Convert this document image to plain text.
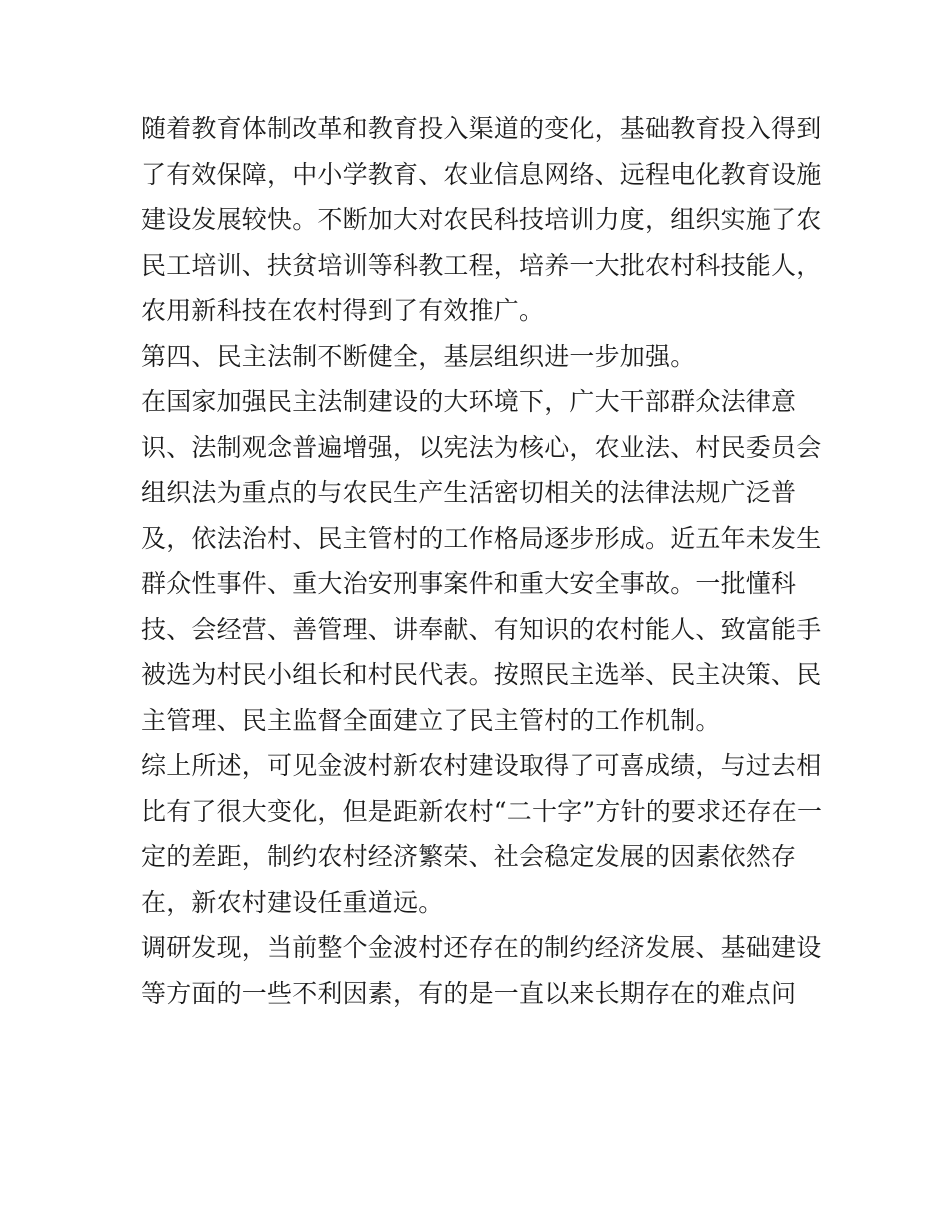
随着教育体制改革和教育投入渠道的变化，基础教育投入得到
了有效保障，中小学教育、农业信息网络、远程电化教育设施
建设发展较快。不断加大对农民科技培训力度，组织实施了农
民工培训、扶贫培训等科教工程，培养一大批农村科技能人，
农用新科技在农村得到了有效推广。
第四、民主法制不断健全，基层组织进一步加强。
在国家加强民主法制建设的大环境下，广大干部群众法律意
识、法制观念普遍增强，以宪法为核心，农业法、村民委员会
组织法为重点的与农民生产生活密切相关的法律法规广泛普
及，依法治村、民主管村的工作格局逐步形成。近五年未发生
群众性事件、重大治安刑事案件和重大安全事故。一批懂科
技、会经营、善管理、讲奉献、有知识的农村能人、致富能手
被选为村民小组长和村民代表。按照民主选举、民主决策、民
主管理、民主监督全面建立了民主管村的工作机制。
综上所述，可见金波村新农村建设取得了可喜成绩，与过去相
比有了很大变化，但是距新农村“二十字”方针的要求还存在一
定的差距，制约农村经济繁荣、社会稳定发展的因素依然存
在，新农村建设任重道远。
调研发现，当前整个金波村还存在的制约经济发展、基础建设
等方面的一些不利因素，有的是一直以来长期存在的难点问
